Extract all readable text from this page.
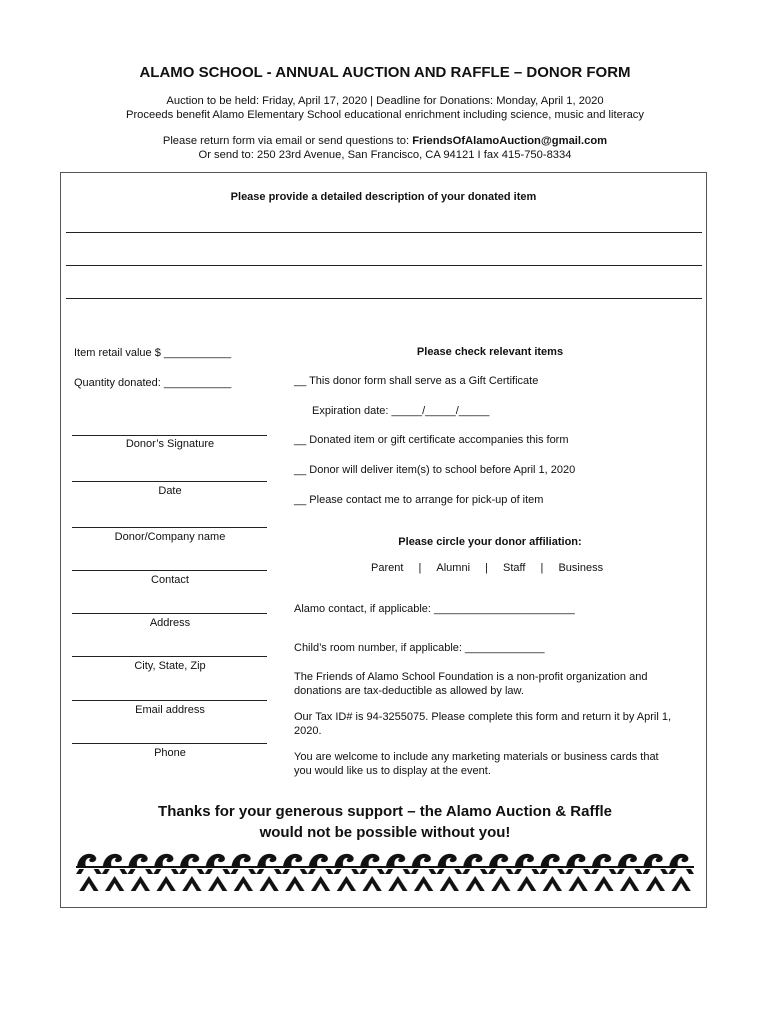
ALAMO SCHOOL - ANNUAL AUCTION AND RAFFLE – DONOR FORM
Auction to be held: Friday, April 17, 2020 | Deadline for Donations: Monday, April 1, 2020
Proceeds benefit Alamo Elementary School educational enrichment including science, music and literacy
Please return form via email or send questions to: FriendsOfAlamoAuction@gmail.com
Or send to: 250 23rd Avenue, San Francisco, CA 94121 I fax 415-750-8334
Please provide a detailed description of your donated item
Item retail value $ ___________
Quantity donated: ___________
Donor’s Signature
Date
Donor/Company name
Contact
Address
City, State, Zip
Email address
Phone
Please check relevant items
__ This donor form shall serve as a Gift Certificate
Expiration date: _____/_____/_____
__ Donated item or gift certificate accompanies this form
__ Donor will deliver item(s) to school before April 1, 2020
__ Please contact me to arrange for pick-up of item
Please circle your donor affiliation:
Parent | Alumni | Staff | Business
Alamo contact, if applicable: _______________________
Child’s room number, if applicable: _____________
The Friends of Alamo School Foundation is a non-profit organization and donations are tax-deductible as allowed by law.
Our Tax ID# is 94-3255075. Please complete this form and return it by April 1, 2020.
You are welcome to include any marketing materials or business cards that you would like us to display at the event.
Thanks for your generous support – the Alamo Auction & Raffle
would not be possible without you!
